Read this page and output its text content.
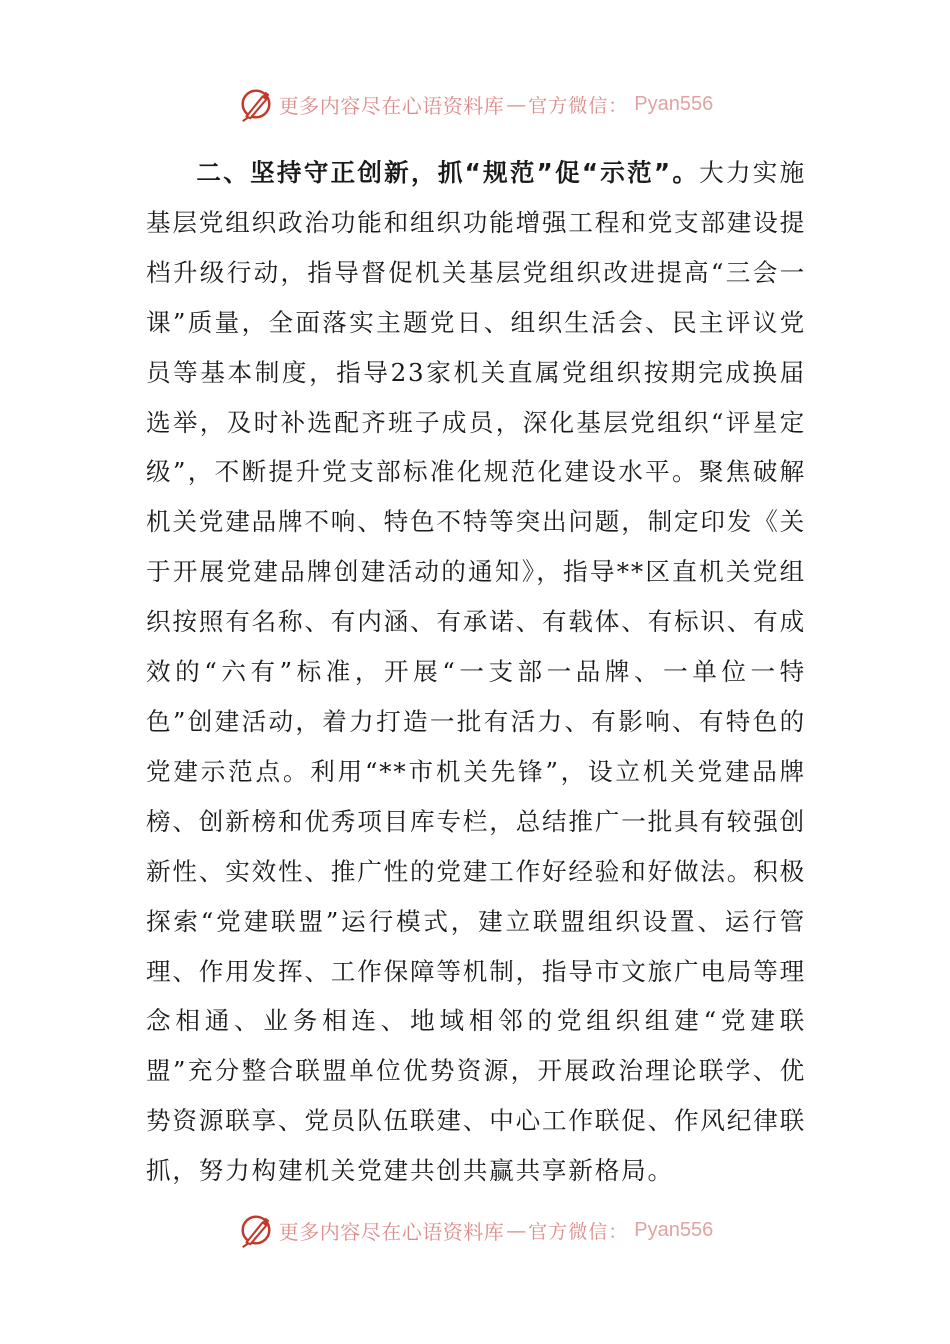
更多内容尽在心语资料库 — 官方微信： Pyan556

二、坚持守正创新，抓“规范”促“示范”。大力实施基层党组织政治功能和组织功能增强工程和党支部建设提档升级行动，指导督促机关基层党组织改进提高“三会一课”质量，全面落实主题党日、组织生活会、民主评议党员等基本制度，指导23家机关直属党组织按期完成换届选举，及时补选配齐班子成员，深化基层党组织“评星定级”，不断提升党支部标准化规范化建设水平。聚焦破解机关党建品牌不响、特色不特等突出问题，制定印发《关于开展党建品牌创建活动的通知》，指导**区直机关党组织按照有名称、有内涵、有承诺、有载体、有标识、有成效的“六有”标准，开展“一支部一品牌、一单位一特色”创建活动，着力打造一批有活力、有影响、有特色的党建示范点。利用“**市机关先锋”，设立机关党建品牌榜、创新榜和优秀项目库专栏，总结推广一批具有较强创新性、实效性、推广性的党建工作好经验和好做法。积极探索“党建联盟”运行模式，建立联盟组织设置、运行管理、作用发挥、工作保障等机制，指导市文旅广电局等理念相通、业务相连、地域相邻的党组织组建“党建联盟”充分整合联盟单位优势资源，开展政治理论联学、优势资源联享、党员队伍联建、中心工作联促、作风纪律联抓，努力构建机关党建共创共赢共享新格局。

更多内容尽在心语资料库 — 官方微信： Pyan556
